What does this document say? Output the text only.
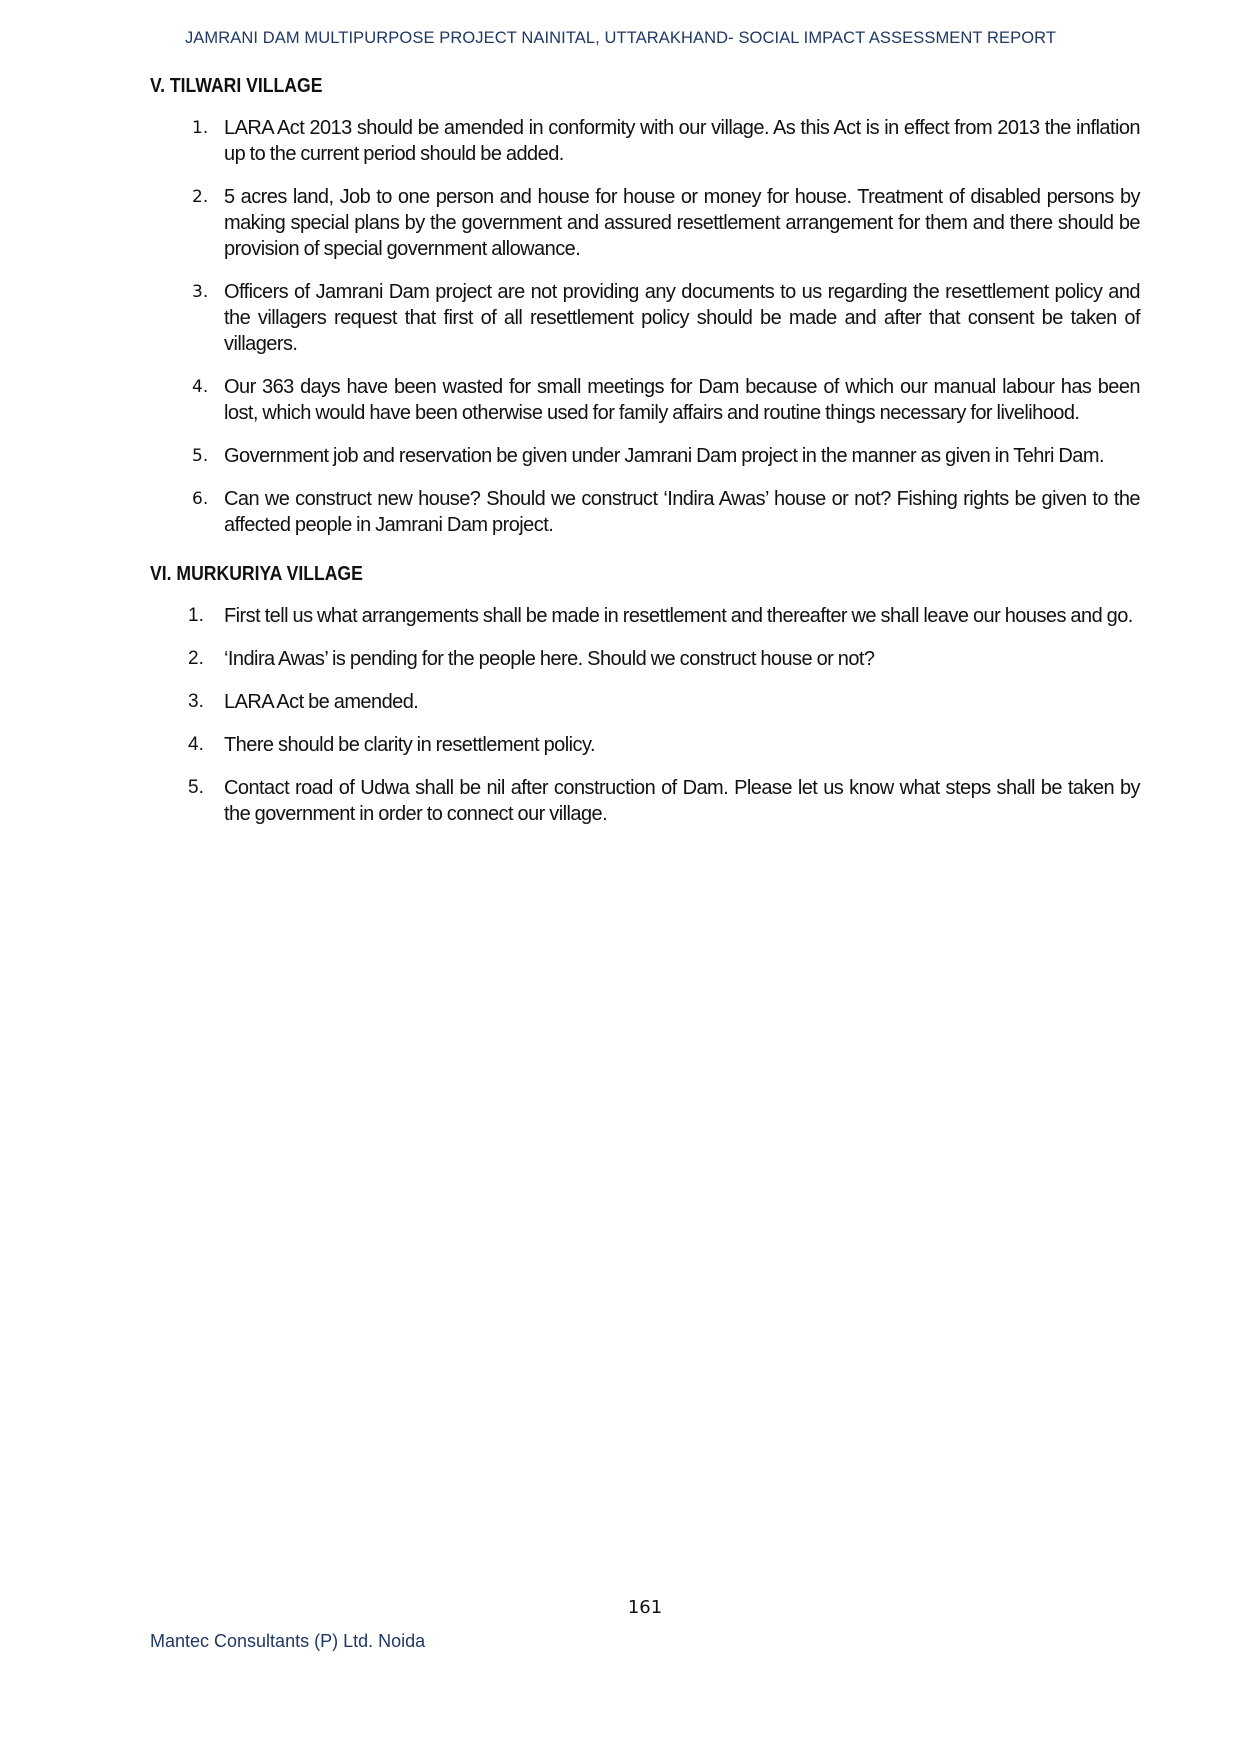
JAMRANI DAM MULTIPURPOSE PROJECT NAINITAL, UTTARAKHAND- SOCIAL IMPACT ASSESSMENT REPORT
V. TILWARI VILLAGE
1. LARA Act 2013 should be amended in conformity with our village. As this Act is in effect from 2013 the inflation up to the current period should be added.
2. 5 acres land, Job to one person and house for house or money for house. Treatment of disabled persons by making special plans by the government and assured resettlement arrangement for them and there should be provision of special government allowance.
3. Officers of Jamrani Dam project are not providing any documents to us regarding the resettlement policy and the villagers request that first of all resettlement policy should be made and after that consent be taken of villagers.
4. Our 363 days have been wasted for small meetings for Dam because of which our manual labour has been lost, which would have been otherwise used for family affairs and routine things necessary for livelihood.
5. Government job and reservation be given under Jamrani Dam project in the manner as given in Tehri Dam.
6. Can we construct new house? Should we construct ‘Indira Awas’ house or not? Fishing rights be given to the affected people in Jamrani Dam project.
VI. MURKURIYA VILLAGE
1. First tell us what arrangements shall be made in resettlement and thereafter we shall leave our houses and go.
2. ‘Indira Awas’ is pending for the people here. Should we construct house or not?
3. LARA Act be amended.
4. There should be clarity in resettlement policy.
5. Contact road of Udwa shall be nil after construction of Dam. Please let us know what steps shall be taken by the government in order to connect our village.
161
Mantec Consultants (P) Ltd. Noida
